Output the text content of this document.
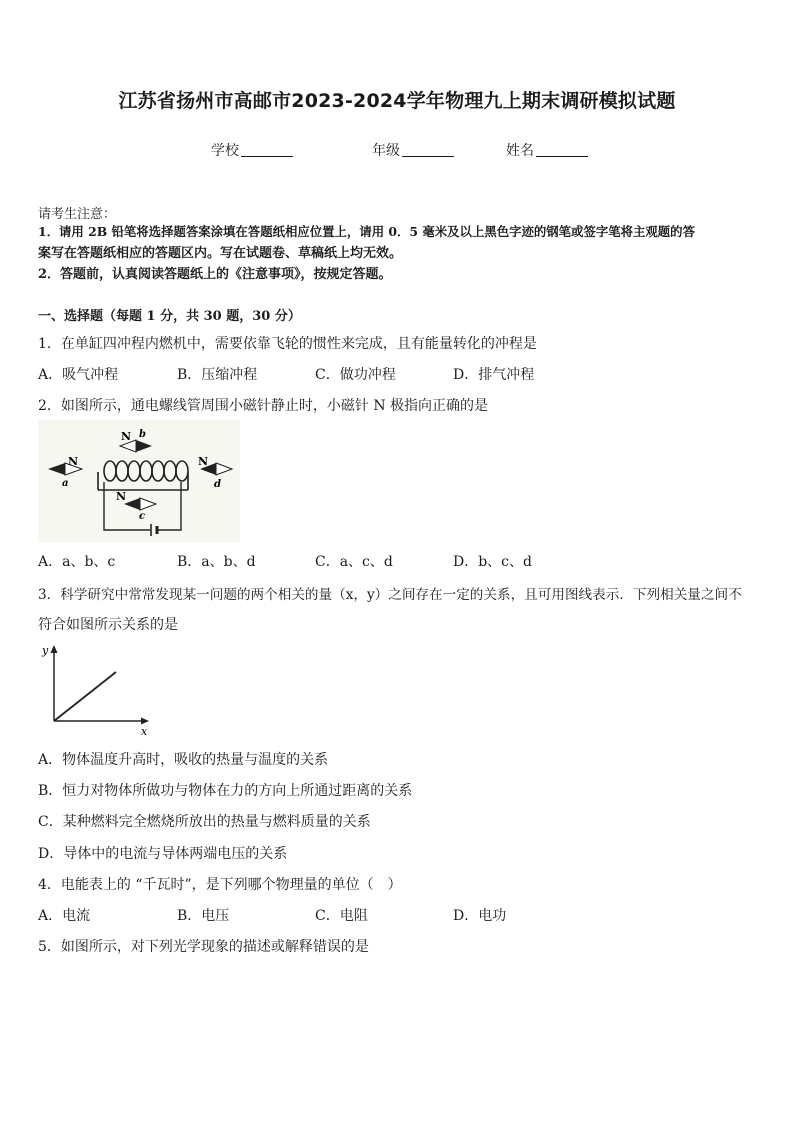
江苏省扬州市高邮市2023-2024学年物理九上期末调研模拟试题
学校	年级	姓名
请考生注意：
1．请用 2B 铅笔将选择题答案涂填在答题纸相应位置上，请用 0．5 毫米及以上黑色字迹的钢笔或签字笔将主观题的答
案写在答题纸相应的答题区内。写在试题卷、草稿纸上均无效。
2．答题前，认真阅读答题纸上的《注意事项》，按规定答题。
一、选择题（每题 1 分，共 30 题，30 分）
1．在单缸四冲程内燃机中，需要依靠飞轮的惯性来完成，且有能量转化的冲程是
A．吸气冲程	B．压缩冲程	C．做功冲程	D．排气冲程
2．如图所示，通电螺线管周围小磁针静止时，小磁针 N 极指向正确的是
N
a
N b
N
c
N
d
A．a、b、c	B．a、b、d	C．a、c、d	D．b、c、d
3．科学研究中常常发现某一问题的两个相关的量（x，y）之间存在一定的关系，且可用图线表示．下列相关量之间不
符合如图所示关系的是
y
x
A．物体温度升高时，吸收的热量与温度的关系
B．恒力对物体所做功与物体在力的方向上所通过距离的关系
C．某种燃料完全燃烧所放出的热量与燃料质量的关系
D．导体中的电流与导体两端电压的关系
4．电能表上的 “千瓦时”，是下列哪个物理量的单位（　）
A．电流	B．电压	C．电阻	D．电功
5．如图所示，对下列光学现象的描述或解释错误的是
